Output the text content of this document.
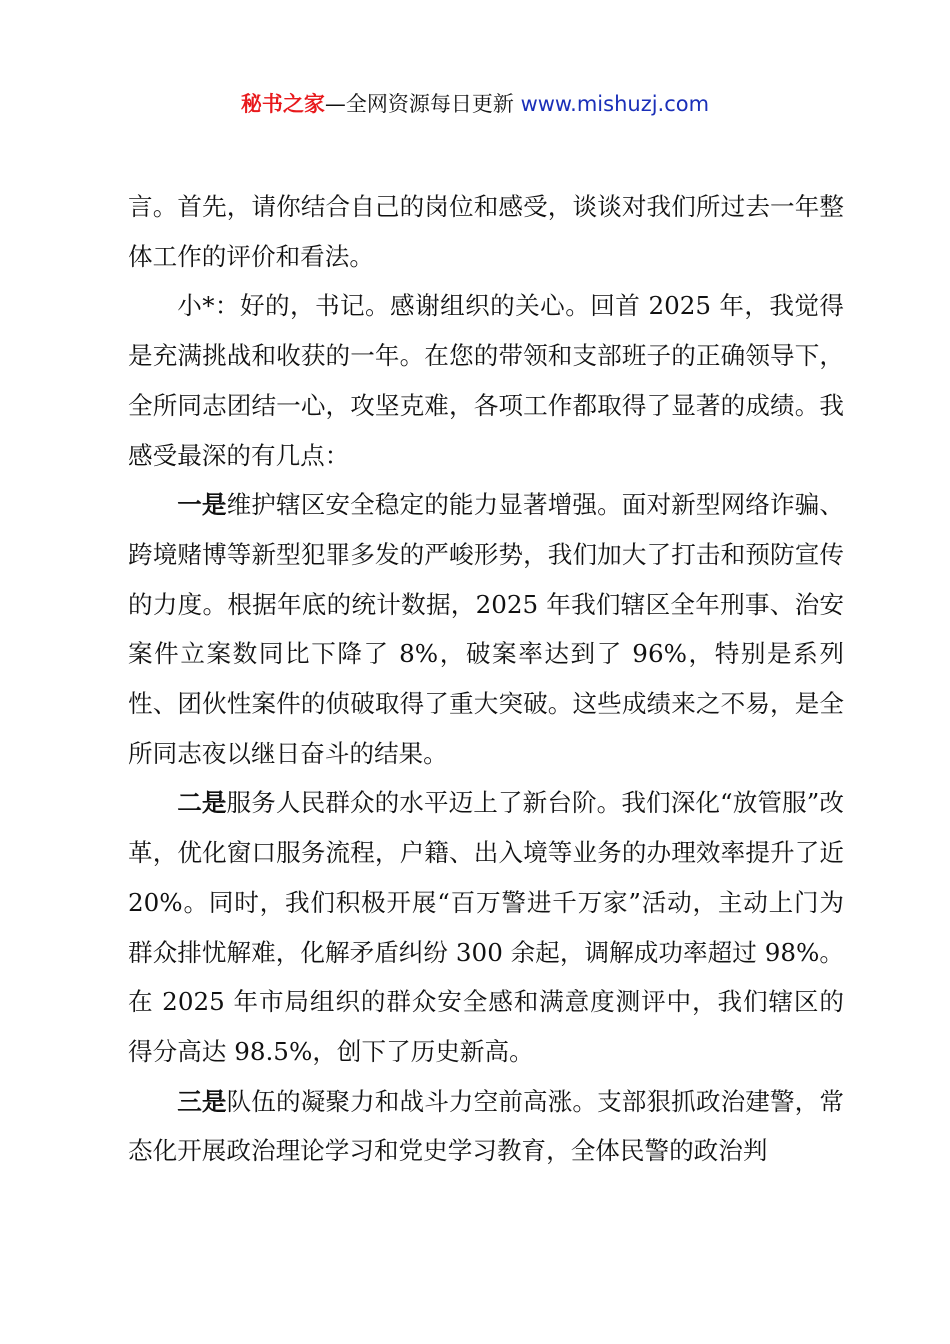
秘书之家—全网资源每日更新 www.mishuzj.com

言。首先，请你结合自己的岗位和感受，谈谈对我们所过去一年整体工作的评价和看法。

小*：好的，书记。感谢组织的关心。回首 2025 年，我觉得是充满挑战和收获的一年。在您的带领和支部班子的正确领导下，全所同志团结一心，攻坚克难，各项工作都取得了显著的成绩。我感受最深的有几点：

一是维护辖区安全稳定的能力显著增强。面对新型网络诈骗、跨境赌博等新型犯罪多发的严峻形势，我们加大了打击和预防宣传的力度。根据年底的统计数据，2025 年我们辖区全年刑事、治安案件立案数同比下降了 8%，破案率达到了 96%，特别是系列性、团伙性案件的侦破取得了重大突破。这些成绩来之不易，是全所同志夜以继日奋斗的结果。

二是服务人民群众的水平迈上了新台阶。我们深化“放管服”改革，优化窗口服务流程，户籍、出入境等业务的办理效率提升了近 20%。同时，我们积极开展“百万警进千万家”活动，主动上门为群众排忧解难，化解矛盾纠纷 300 余起，调解成功率超过 98%。在 2025 年市局组织的群众安全感和满意度测评中，我们辖区的得分高达 98.5%，创下了历史新高。

三是队伍的凝聚力和战斗力空前高涨。支部狠抓政治建警，常态化开展政治理论学习和党史学习教育，全体民警的政治判
